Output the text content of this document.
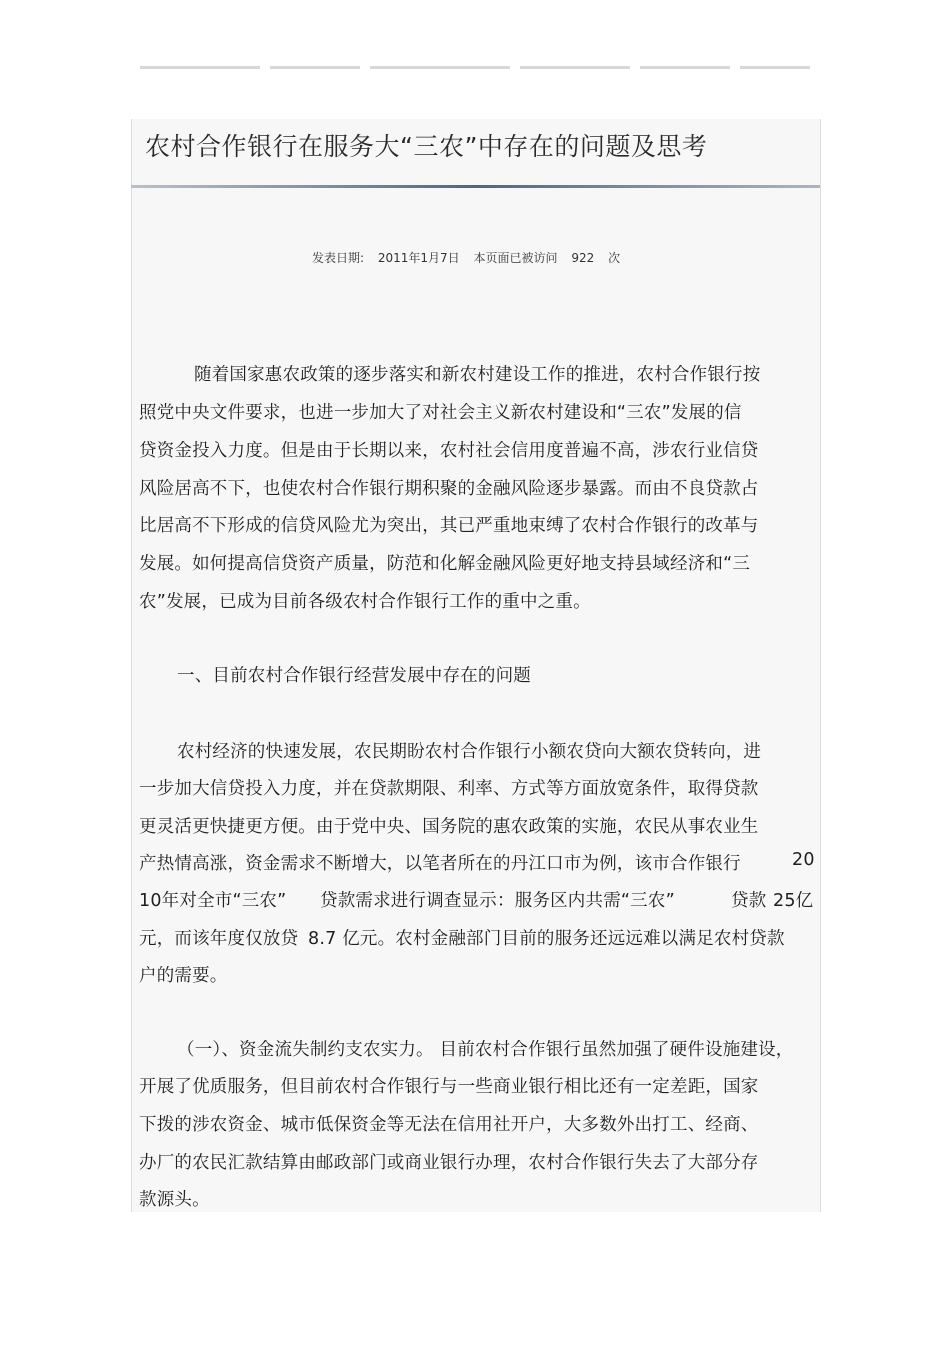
农村合作银行在服务大“三农”中存在的问题及思考
发表日期: 2011年1月7日 本页面已被访问 922 次
随着国家惠农政策的逐步落实和新农村建设工作的推进，农村合作银行按
照党中央文件要求，也进一步加大了对社会主义新农村建设和“三农”发展的信
贷资金投入力度。但是由于长期以来，农村社会信用度普遍不高，涉农行业信贷
风险居高不下，也使农村合作银行期积聚的金融风险逐步暴露。而由不良贷款占
比居高不下形成的信贷风险尤为突出，其已严重地束缚了农村合作银行的改革与
发展。如何提高信贷资产质量，防范和化解金融风险更好地支持县域经济和“三
农”发展，已成为目前各级农村合作银行工作的重中之重。
一、目前农村合作银行经营发展中存在的问题
农村经济的快速发展，农民期盼农村合作银行小额农贷向大额农贷转向，进
一步加大信贷投入力度，并在贷款期限、利率、方式等方面放宽条件，取得贷款
更灵活更快捷更方便。由于党中央、国务院的惠农政策的实施，农民从事农业生
产热情高涨，资金需求不断增大，以笔者所在的丹江口市为例，该市合作银行	20
10年对全市“三农” 贷款需求进行调查显示：服务区内共需“三农”	贷款 25亿
元，而该年度仅放贷 8.7 亿元。农村金融部门目前的服务还远远难以满足农村贷款
户的需要。
（一）、资金流失制约支农实力。 目前农村合作银行虽然加强了硬件设施建设，
开展了优质服务，但目前农村合作银行与一些商业银行相比还有一定差距，国家
下拨的涉农资金、城市低保资金等无法在信用社开户，大多数外出打工、经商、
办厂的农民汇款结算由邮政部门或商业银行办理，农村合作银行失去了大部分存
款源头。
